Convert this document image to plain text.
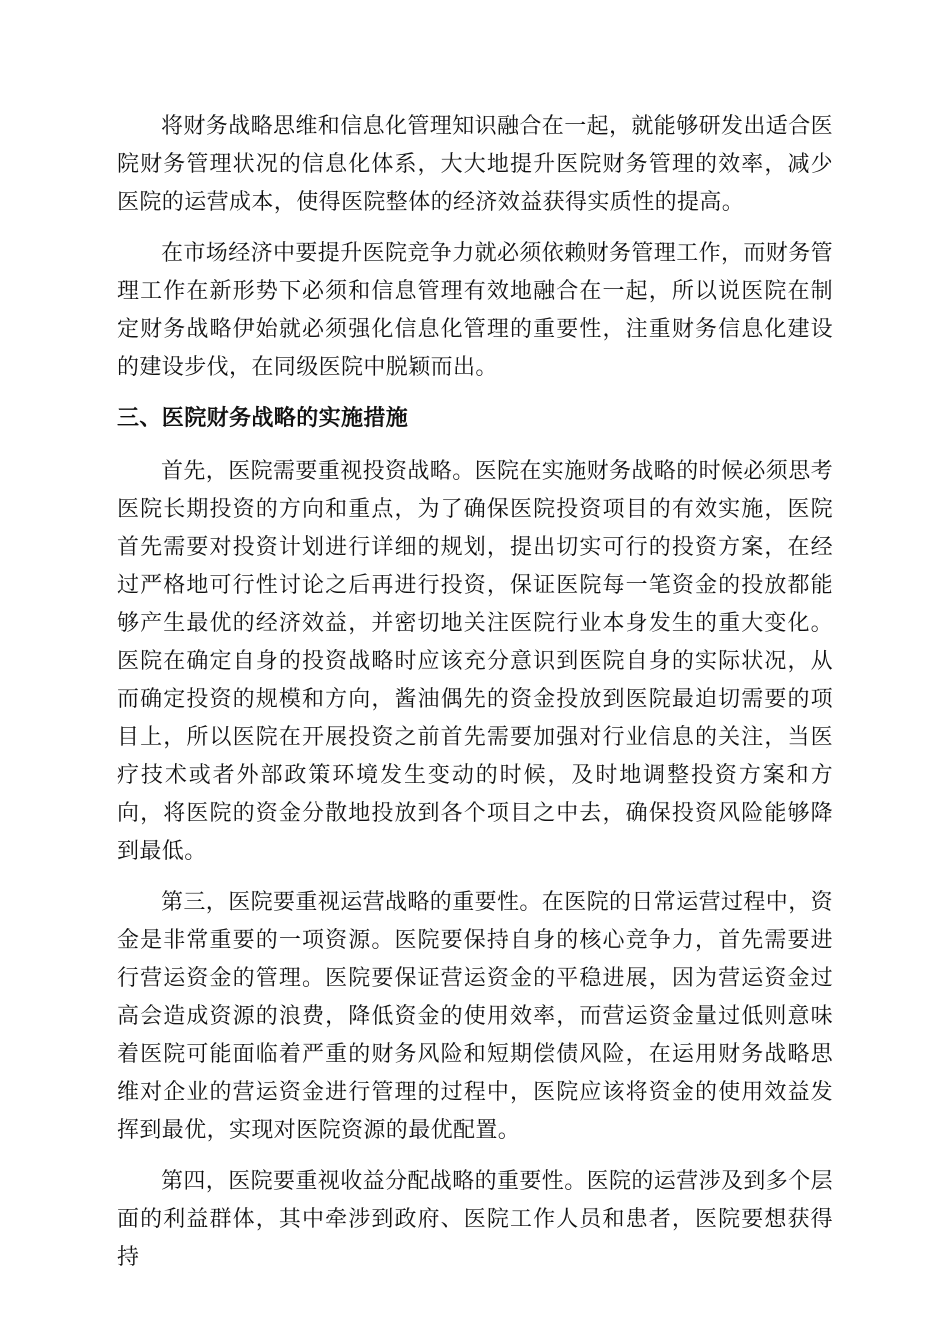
将财务战略思维和信息化管理知识融合在一起，就能够研发出适合医院财务管理状况的信息化体系，大大地提升医院财务管理的效率，减少医院的运营成本，使得医院整体的经济效益获得实质性的提高。

在市场经济中要提升医院竞争力就必须依赖财务管理工作，而财务管理工作在新形势下必须和信息管理有效地融合在一起，所以说医院在制定财务战略伊始就必须强化信息化管理的重要性，注重财务信息化建设的建设步伐，在同级医院中脱颖而出。

三、医院财务战略的实施措施

首先，医院需要重视投资战略。医院在实施财务战略的时候必须思考医院长期投资的方向和重点，为了确保医院投资项目的有效实施，医院首先需要对投资计划进行详细的规划，提出切实可行的投资方案，在经过严格地可行性讨论之后再进行投资，保证医院每一笔资金的投放都能够产生最优的经济效益，并密切地关注医院行业本身发生的重大变化。医院在确定自身的投资战略时应该充分意识到医院自身的实际状况，从而确定投资的规模和方向，酱油偶先的资金投放到医院最迫切需要的项目上，所以医院在开展投资之前首先需要加强对行业信息的关注，当医疗技术或者外部政策环境发生变动的时候，及时地调整投资方案和方向，将医院的资金分散地投放到各个项目之中去，确保投资风险能够降到最低。

第三，医院要重视运营战略的重要性。在医院的日常运营过程中，资金是非常重要的一项资源。医院要保持自身的核心竞争力，首先需要进行营运资金的管理。医院要保证营运资金的平稳进展，因为营运资金过高会造成资源的浪费，降低资金的使用效率，而营运资金量过低则意味着医院可能面临着严重的财务风险和短期偿债风险，在运用财务战略思维对企业的营运资金进行管理的过程中，医院应该将资金的使用效益发挥到最优，实现对医院资源的最优配置。

第四，医院要重视收益分配战略的重要性。医院的运营涉及到多个层面的利益群体，其中牵涉到政府、医院工作人员和患者，医院要想获得持
